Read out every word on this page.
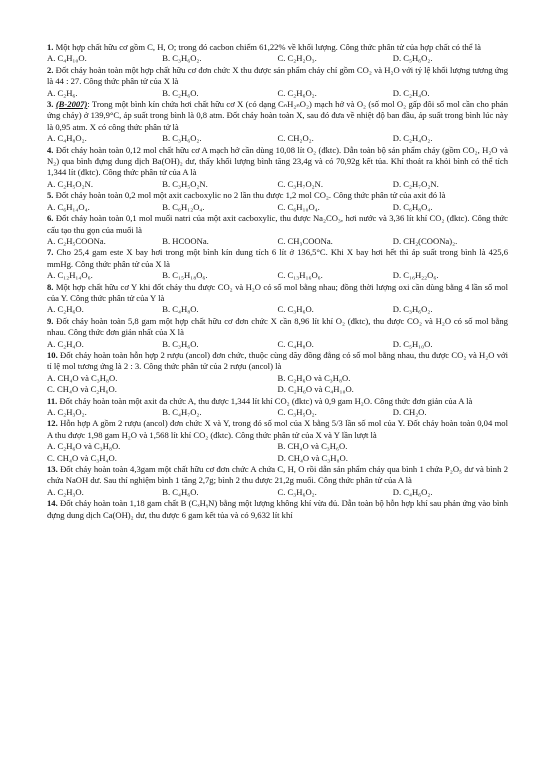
1. Một hợp chất hữu cơ gồm C, H, O; trong đó cacbon chiếm 61,22% về khối lượng. Công thức phân tử của hợp chất có thể là

A. C₄H₁₀O.	B. C₃H₆O₂.	C. C₂H₂O₃.	D. C₅H₆O₂.

2. Đốt cháy hoàn toàn một hợp chất hữu cơ đơn chức X thu được sản phẩm cháy chỉ gồm CO₂ và H₂O với tỷ lệ khối lượng tương ứng là 44 : 27. Công thức phân tử của X là

A. C₂H₆.	B. C₂H₆O.	C. C₂H₆O₂.	D. C₂H₄O.

3. (B-2007): Trong một bình kín chứa hơi chất hữu cơ X (có dạng CₙH₂ₙO₂) mạch hở và O₂ (số mol O₂ gấp đôi số mol cần cho phản ứng cháy) ở 139,9°C, áp suất trong bình là 0,8 atm. Đốt cháy hoàn toàn X, sau đó đưa về nhiệt độ ban đầu, áp suất trong bình lúc này là 0,95 atm. X có công thức phân tử là

A. C₄H₈O₂.	B. C₃H₆O₂.	C. CH₂O₂.	D. C₂H₄O₂.

4. Đốt cháy hoàn toàn 0,12 mol chất hữu cơ A mạch hở cần dùng 10,08 lít O₂ (đktc). Dẫn toàn bộ sản phẩm cháy (gồm CO₂, H₂O và N₂) qua bình đựng dung dịch Ba(OH)₂ dư, thấy khối lượng bình tăng 23,4g và có 70,92g kết tủa. Khí thoát ra khỏi bình có thể tích 1,344 lít (đktc). Công thức phân tử của A là

A. C₂H₅O₂N.	B. C₃H₅O₂N.	C. C₃H₇O₂N.	D. C₂H₇O₂N.

5. Đốt cháy hoàn toàn 0,2 mol một axit cacboxylic no 2 lần thu được 1,2 mol CO₂. Công thức phân tử của axit đó là

A. C₆H₁₄O₄.	B. C₆H₁₂O₄.	C. C₆H₁₀O₄.	D. C₆H₈O₄.

6. Đốt cháy hoàn toàn 0,1 mol muối natri của một axit cacboxylic, thu được Na₂CO₃, hơi nước và 3,36 lít khí CO₂ (đktc). Công thức cấu tạo thu gọn của muối là

A. C₂H₅COONa.	B. HCOONa.	C. CH₃COONa.	D. CH₂(COONa)₂.

7. Cho 25,4 gam este X bay hơi trong một bình kín dung tích 6 lít ở 136,5°C. Khi X bay hơi hết thì áp suất trong bình là 425,6 mmHg. Công thức phân tử của X là

A. C₁₂H₁₄O₆.	B. C₁₅H₁₈O₆.	C. C₁₃H₁₆O₆.	D. C₁₆H₂₂O₆.

8. Một hợp chất hữu cơ Y khi đốt cháy thu được CO₂ và H₂O có số mol bằng nhau; đồng thời lượng oxi cần dùng bằng 4 lần số mol của Y. Công thức phân tử của Y là

A. C₂H₆O.	B. C₄H₈O.	C. C₃H₆O.	D. C₃H₆O₂.

9. Đốt cháy hoàn toàn 5,8 gam một hợp chất hữu cơ đơn chức X cần 8,96 lít khí O₂ (đktc), thu được CO₂ và H₂O có số mol bằng nhau. Công thức đơn giản nhất của X là

A. C₂H₄O.	B. C₃H₆O.	C. C₄H₈O.	D. C₅H₁₀O.

10. Đốt cháy hoàn toàn hỗn hợp 2 rượu (ancol) đơn chức, thuộc cùng dãy đồng đẳng có số mol bằng nhau, thu được CO₂ và H₂O với tỉ lệ mol tương ứng là 2 : 3. Công thức phân tử của 2 rượu (ancol) là

A. CH₄O và C₃H₈O.	B. C₂H₆O và C₃H₈O.
C. CH₄O và C₂H₆O.	D. C₂H₆O và C₄H₁₀O.

11. Đốt cháy hoàn toàn một axit đa chức A, thu được 1,344 lít khí CO₂ (đktc) và 0,9 gam H₂O. Công thức đơn giản của A là

A. C₂H₃O₂.	B. C₄H₇O₂.	C. C₃H₅O₂.	D. CH₂O.

12. Hỗn hợp A gồm 2 rượu (ancol) đơn chức X và Y, trong đó số mol của X bằng 5/3 lần số mol của Y. Đốt cháy hoàn toàn 0,04 mol A thu được 1,98 gam H₂O và 1,568 lít khí CO₂ (đktc). Công thức phân tử của X và Y lần lượt là

A. C₂H₆O và C₃H₈O.	B. CH₄O và C₃H₆O.
C. CH₄O và C₃H₄O.	D. CH₄O và C₃H₈O.

13. Đốt cháy hoàn toàn 4,3gam một chất hữu cơ đơn chức A chứa C, H, O rồi dẫn sản phẩm cháy qua bình 1 chứa P₂O₅ dư và bình 2 chứa NaOH dư. Sau thí nghiệm bình 1 tăng 2,7g; bình 2 thu được 21,2g muối. Công thức phân tử của A là

A. C₂H₃O.	B. C₄H₆O.	C. C₃H₆O₂.	D. C₄H₆O₂.

14. Đốt cháy hoàn toàn 1,18 gam chất B (CₓHᵧN) bằng một lượng không khí vừa đủ. Dẫn toàn bộ hỗn hợp khí sau phản ứng vào bình đựng dung dịch Ca(OH)₂ dư, thu được 6 gam kết tủa và có 9,632 lít khí
